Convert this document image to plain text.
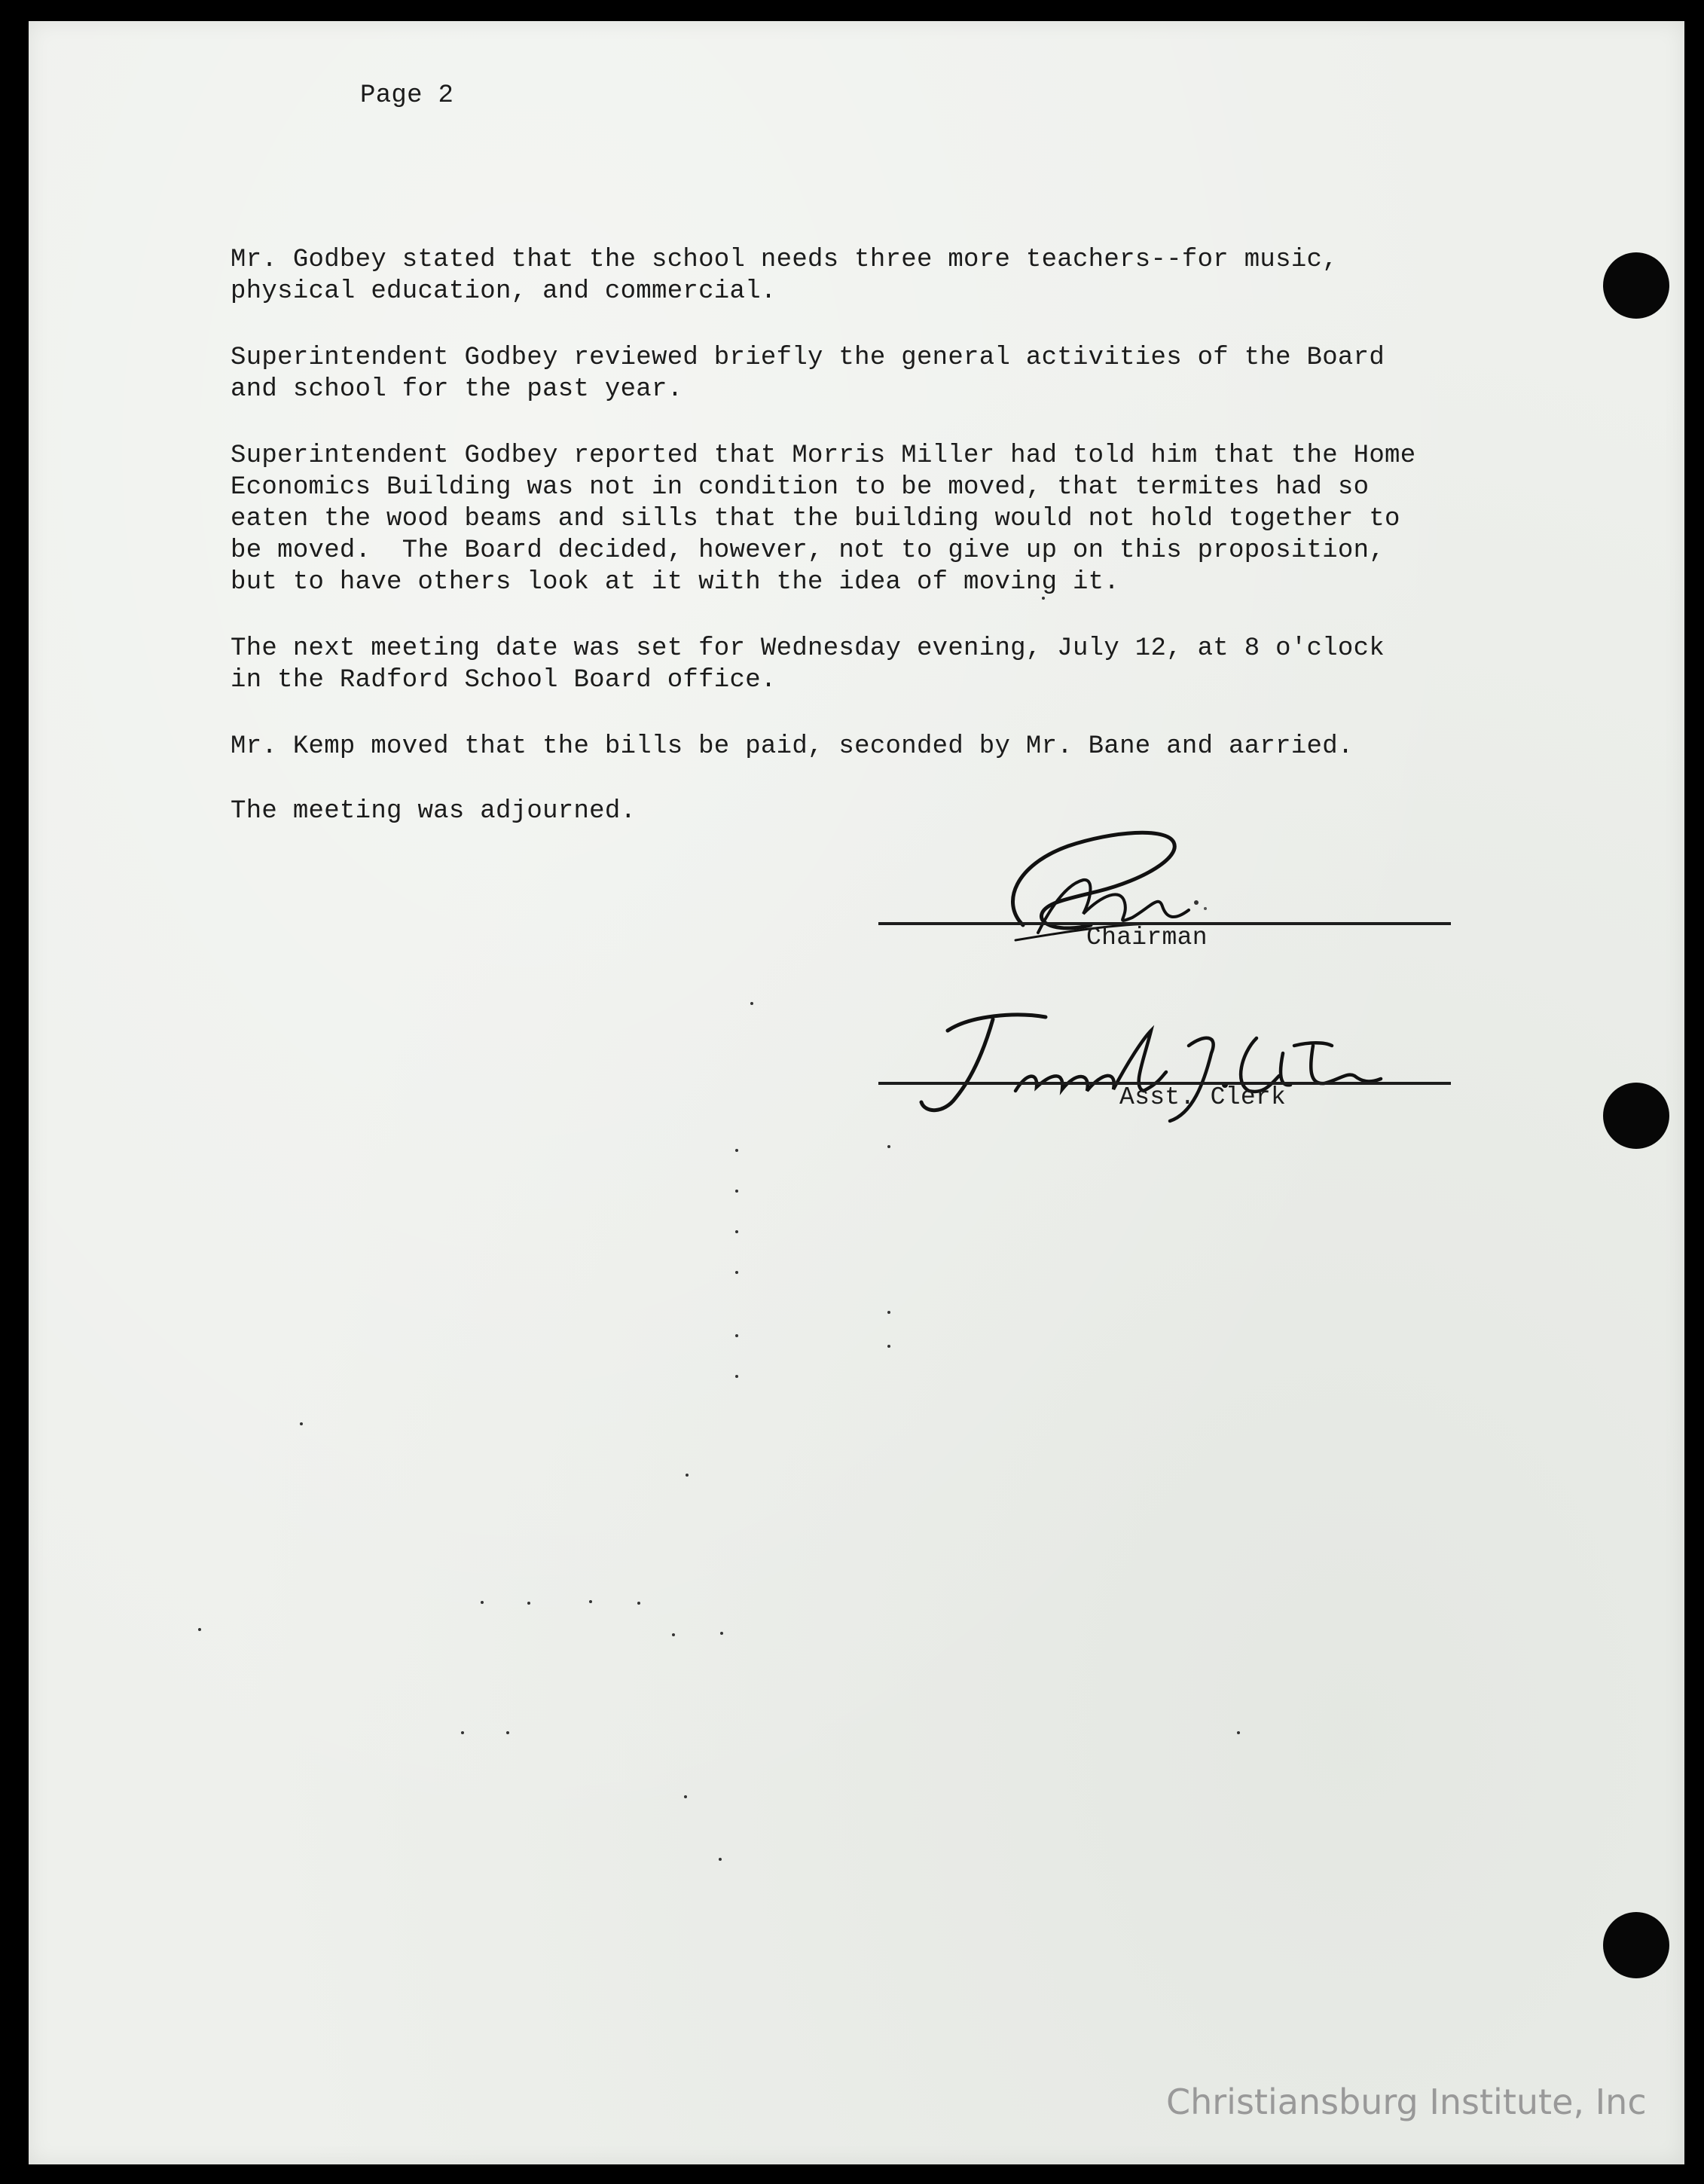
Page 2
Mr. Godbey stated that the school needs three more teachers--for music,
physical education, and commercial.
Superintendent Godbey reviewed briefly the general activities of the Board
and school for the past year.
Superintendent Godbey reported that Morris Miller had told him that the Home
Economics Building was not in condition to be moved, that termites had so
eaten the wood beams and sills that the building would not hold together to
be moved.  The Board decided, however, not to give up on this proposition,
but to have others look at it with the idea of moving it.
The next meeting date was set for Wednesday evening, July 12, at 8 o'clock
in the Radford School Board office.
Mr. Kemp moved that the bills be paid, seconded by Mr. Bane and aarried.
The meeting was adjourned.
Chairman
Asst. Clerk
Christiansburg Institute, Inc
